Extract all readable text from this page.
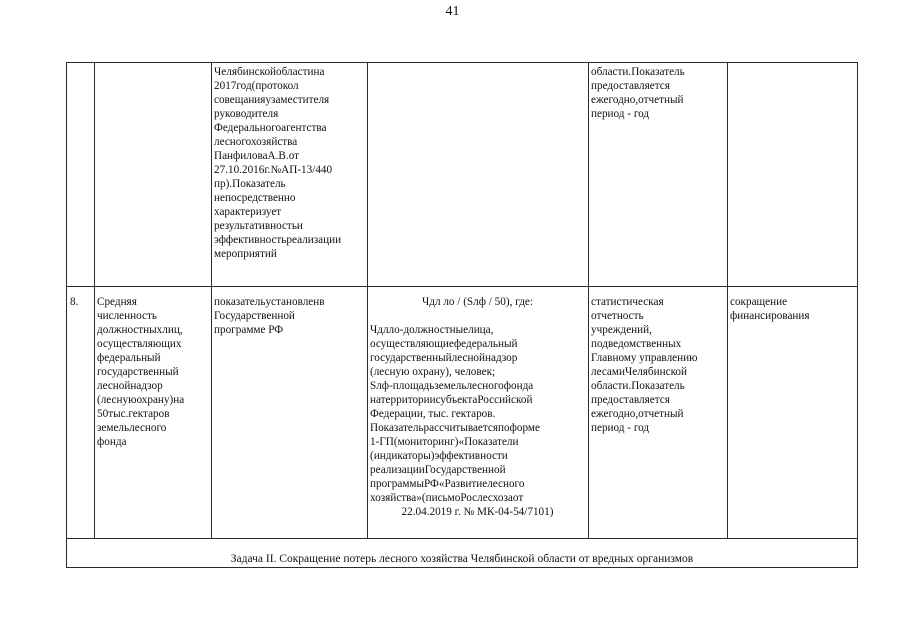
41
Челябинскойобластина
2017год(протокол
совещанияузаместителя
руководителя
Федеральногоагентства
лесногохозяйства
ПанфиловаА.В.от
27.10.2016г.№АП-13/440
пр).Показатель
непосредственно
характеризует
результативностьи
эффективностьреализации
мероприятий
области.Показатель
предоставляется
ежегодно,отчетный
период - год
8.	Средняя
численность
должностныхлиц,
осуществляющих
федеральный
государственный
леснойнадзор
(леснуюохрану)на
50тыс.гектаров
земельлесного
фонда
показательустановленв
Государственной
программе РФ
Чдл ло / (Sлф / 50), где:
Чдлло-должностныелица,
осуществляющиефедеральный
государственныйлеснойнадзор
(лесную охрану), человек;
Sлф-площадьземельлесногофонда
натерриториисубъектаРоссийской
Федерации, тыс. гектаров.
Показательрассчитываетсяпоформе
1-ГП(мониторинг)«Показатели
(индикаторы)эффективности
реализацииГосударственной
программыРФ«Развитиелесного
хозяйства»(письмоРослесхозаот
22.04.2019 г. № МК-04-54/7101)
статистическая
отчетность
учреждений,
подведомственных
Главному управлению
лесамиЧелябинской
области.Показатель
предоставляется
ежегодно,отчетный
период - год
сокращение
финансирования
Задача II. Сокращение потерь лесного хозяйства Челябинской области от вредных организмов
